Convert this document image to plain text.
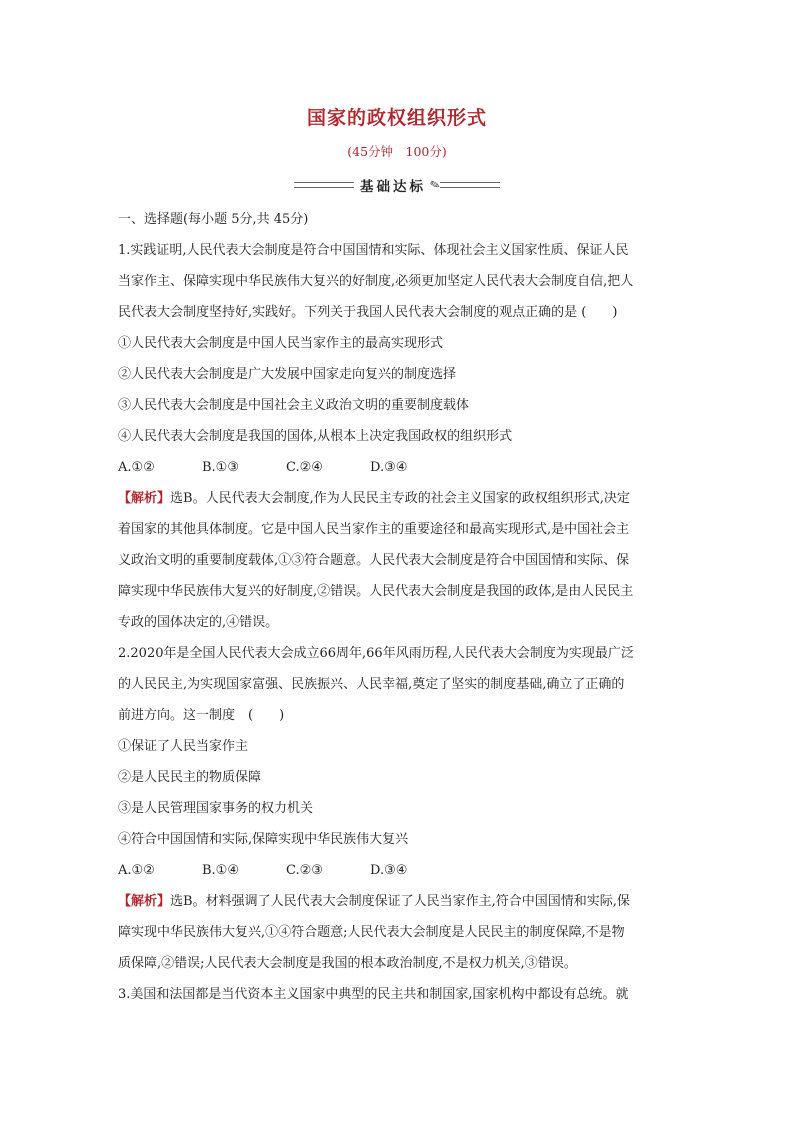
国家的政权组织形式
(45分钟　100分)
基础达标 ✎

一、选择题(每小题 5分,共 45分)

1.实践证明,人民代表大会制度是符合中国国情和实际、体现社会主义国家性质、保证人民

当家作主、保障实现中华民族伟大复兴的好制度,必须更加坚定人民代表大会制度自信,把人

民代表大会制度坚持好,实践好。下列关于我国人民代表大会制度的观点正确的是 (　　)

①人民代表大会制度是中国人民当家作主的最高实现形式

②人民代表大会制度是广大发展中国家走向复兴的制度选择

③人民代表大会制度是中国社会主义政治文明的重要制度载体

④人民代表大会制度是我国的国体,从根本上决定我国政权的组织形式

A.①②	B.①③	C.②④	D.③④

【解析】选B。人民代表大会制度,作为人民民主专政的社会主义国家的政权组织形式,决定

着国家的其他具体制度。它是中国人民当家作主的重要途径和最高实现形式,是中国社会主

义政治文明的重要制度载体,①③符合题意。人民代表大会制度是符合中国国情和实际、保

障实现中华民族伟大复兴的好制度,②错误。人民代表大会制度是我国的政体,是由人民民主

专政的国体决定的,④错误。

2.2020年是全国人民代表大会成立66周年,66年风雨历程,人民代表大会制度为实现最广泛

的人民民主,为实现国家富强、民族振兴、人民幸福,奠定了坚实的制度基础,确立了正确的

前进方向。这一制度　(　　)

①保证了人民当家作主

②是人民民主的物质保障

③是人民管理国家事务的权力机关

④符合中国国情和实际,保障实现中华民族伟大复兴

A.①②	B.①④	C.②③	D.③④

【解析】选B。材料强调了人民代表大会制度保证了人民当家作主,符合中国国情和实际,保

障实现中华民族伟大复兴,①④符合题意;人民代表大会制度是人民民主的制度保障,不是物

质保障,②错误;人民代表大会制度是我国的根本政治制度,不是权力机关,③错误。

3.美国和法国都是当代资本主义国家中典型的民主共和制国家,国家机构中都设有总统。就
